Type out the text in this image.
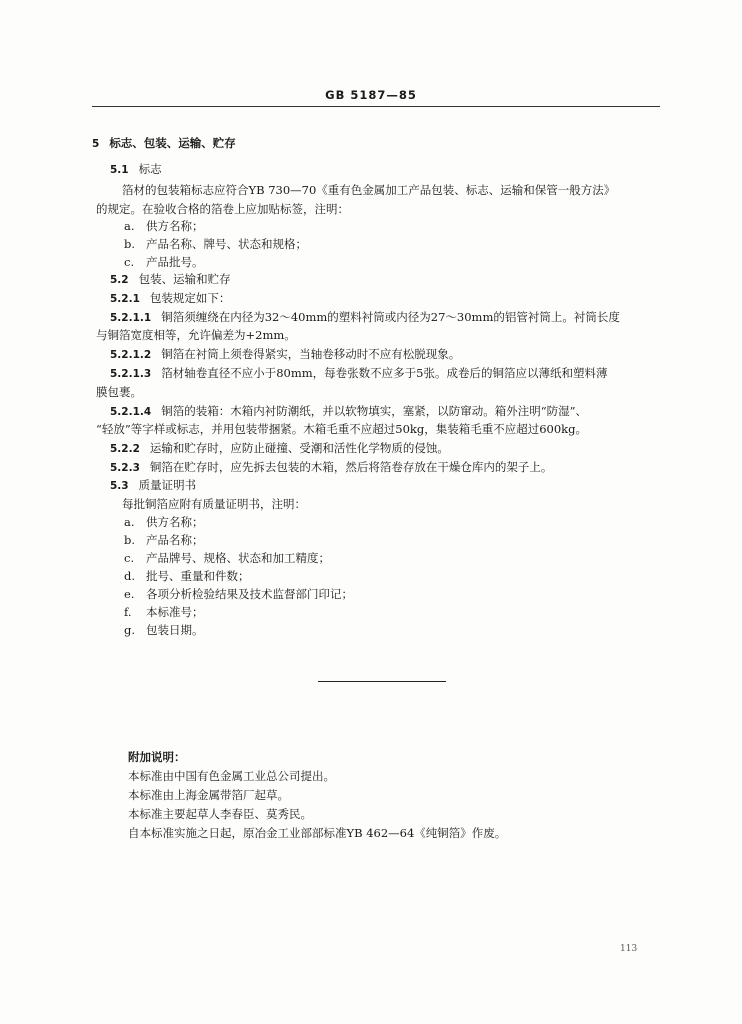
GB 5187—85
5 标志、包装、运输、贮存
5.1 标志
箔材的包装箱标志应符合YB 730—70《重有色金属加工产品包装、标志、运输和保管一般方法》
的规定。在验收合格的箔卷上应加贴标签，注明：
a. 供方名称；
b. 产品名称、牌号、状态和规格；
c. 产品批号。
5.2 包装、运输和贮存
5.2.1 包装规定如下：
5.2.1.1 铜箔须缠绕在内径为32～40mm的塑料衬筒或内径为27～30mm的铝管衬筒上。衬筒长度
与铜箔宽度相等，允许偏差为+2mm。
5.2.1.2 铜箔在衬筒上须卷得紧实，当轴卷移动时不应有松脱现象。
5.2.1.3 箔材轴卷直径不应小于80mm，每卷张数不应多于5张。成卷后的铜箔应以薄纸和塑料薄
膜包裹。
5.2.1.4 铜箔的装箱：木箱内衬防潮纸，并以软物填实，塞紧，以防窜动。箱外注明“防湿”、
“轻放”等字样或标志，并用包装带捆紧。木箱毛重不应超过50kg，集装箱毛重不应超过600kg。
5.2.2 运输和贮存时，应防止碰撞、受潮和活性化学物质的侵蚀。
5.2.3 铜箔在贮存时，应先拆去包装的木箱，然后将箔卷存放在干燥仓库内的架子上。
5.3 质量证明书
每批铜箔应附有质量证明书，注明：
a. 供方名称；
b. 产品名称；
c. 产品牌号、规格、状态和加工精度；
d. 批号、重量和件数；
e. 各项分析检验结果及技术监督部门印记；
f. 本标准号；
g. 包装日期。
附加说明：
本标准由中国有色金属工业总公司提出。
本标准由上海金属带箔厂起草。
本标准主要起草人李春臣、莫秀民。
自本标准实施之日起，原冶金工业部部标准YB 462—64《纯铜箔》作废。
113
